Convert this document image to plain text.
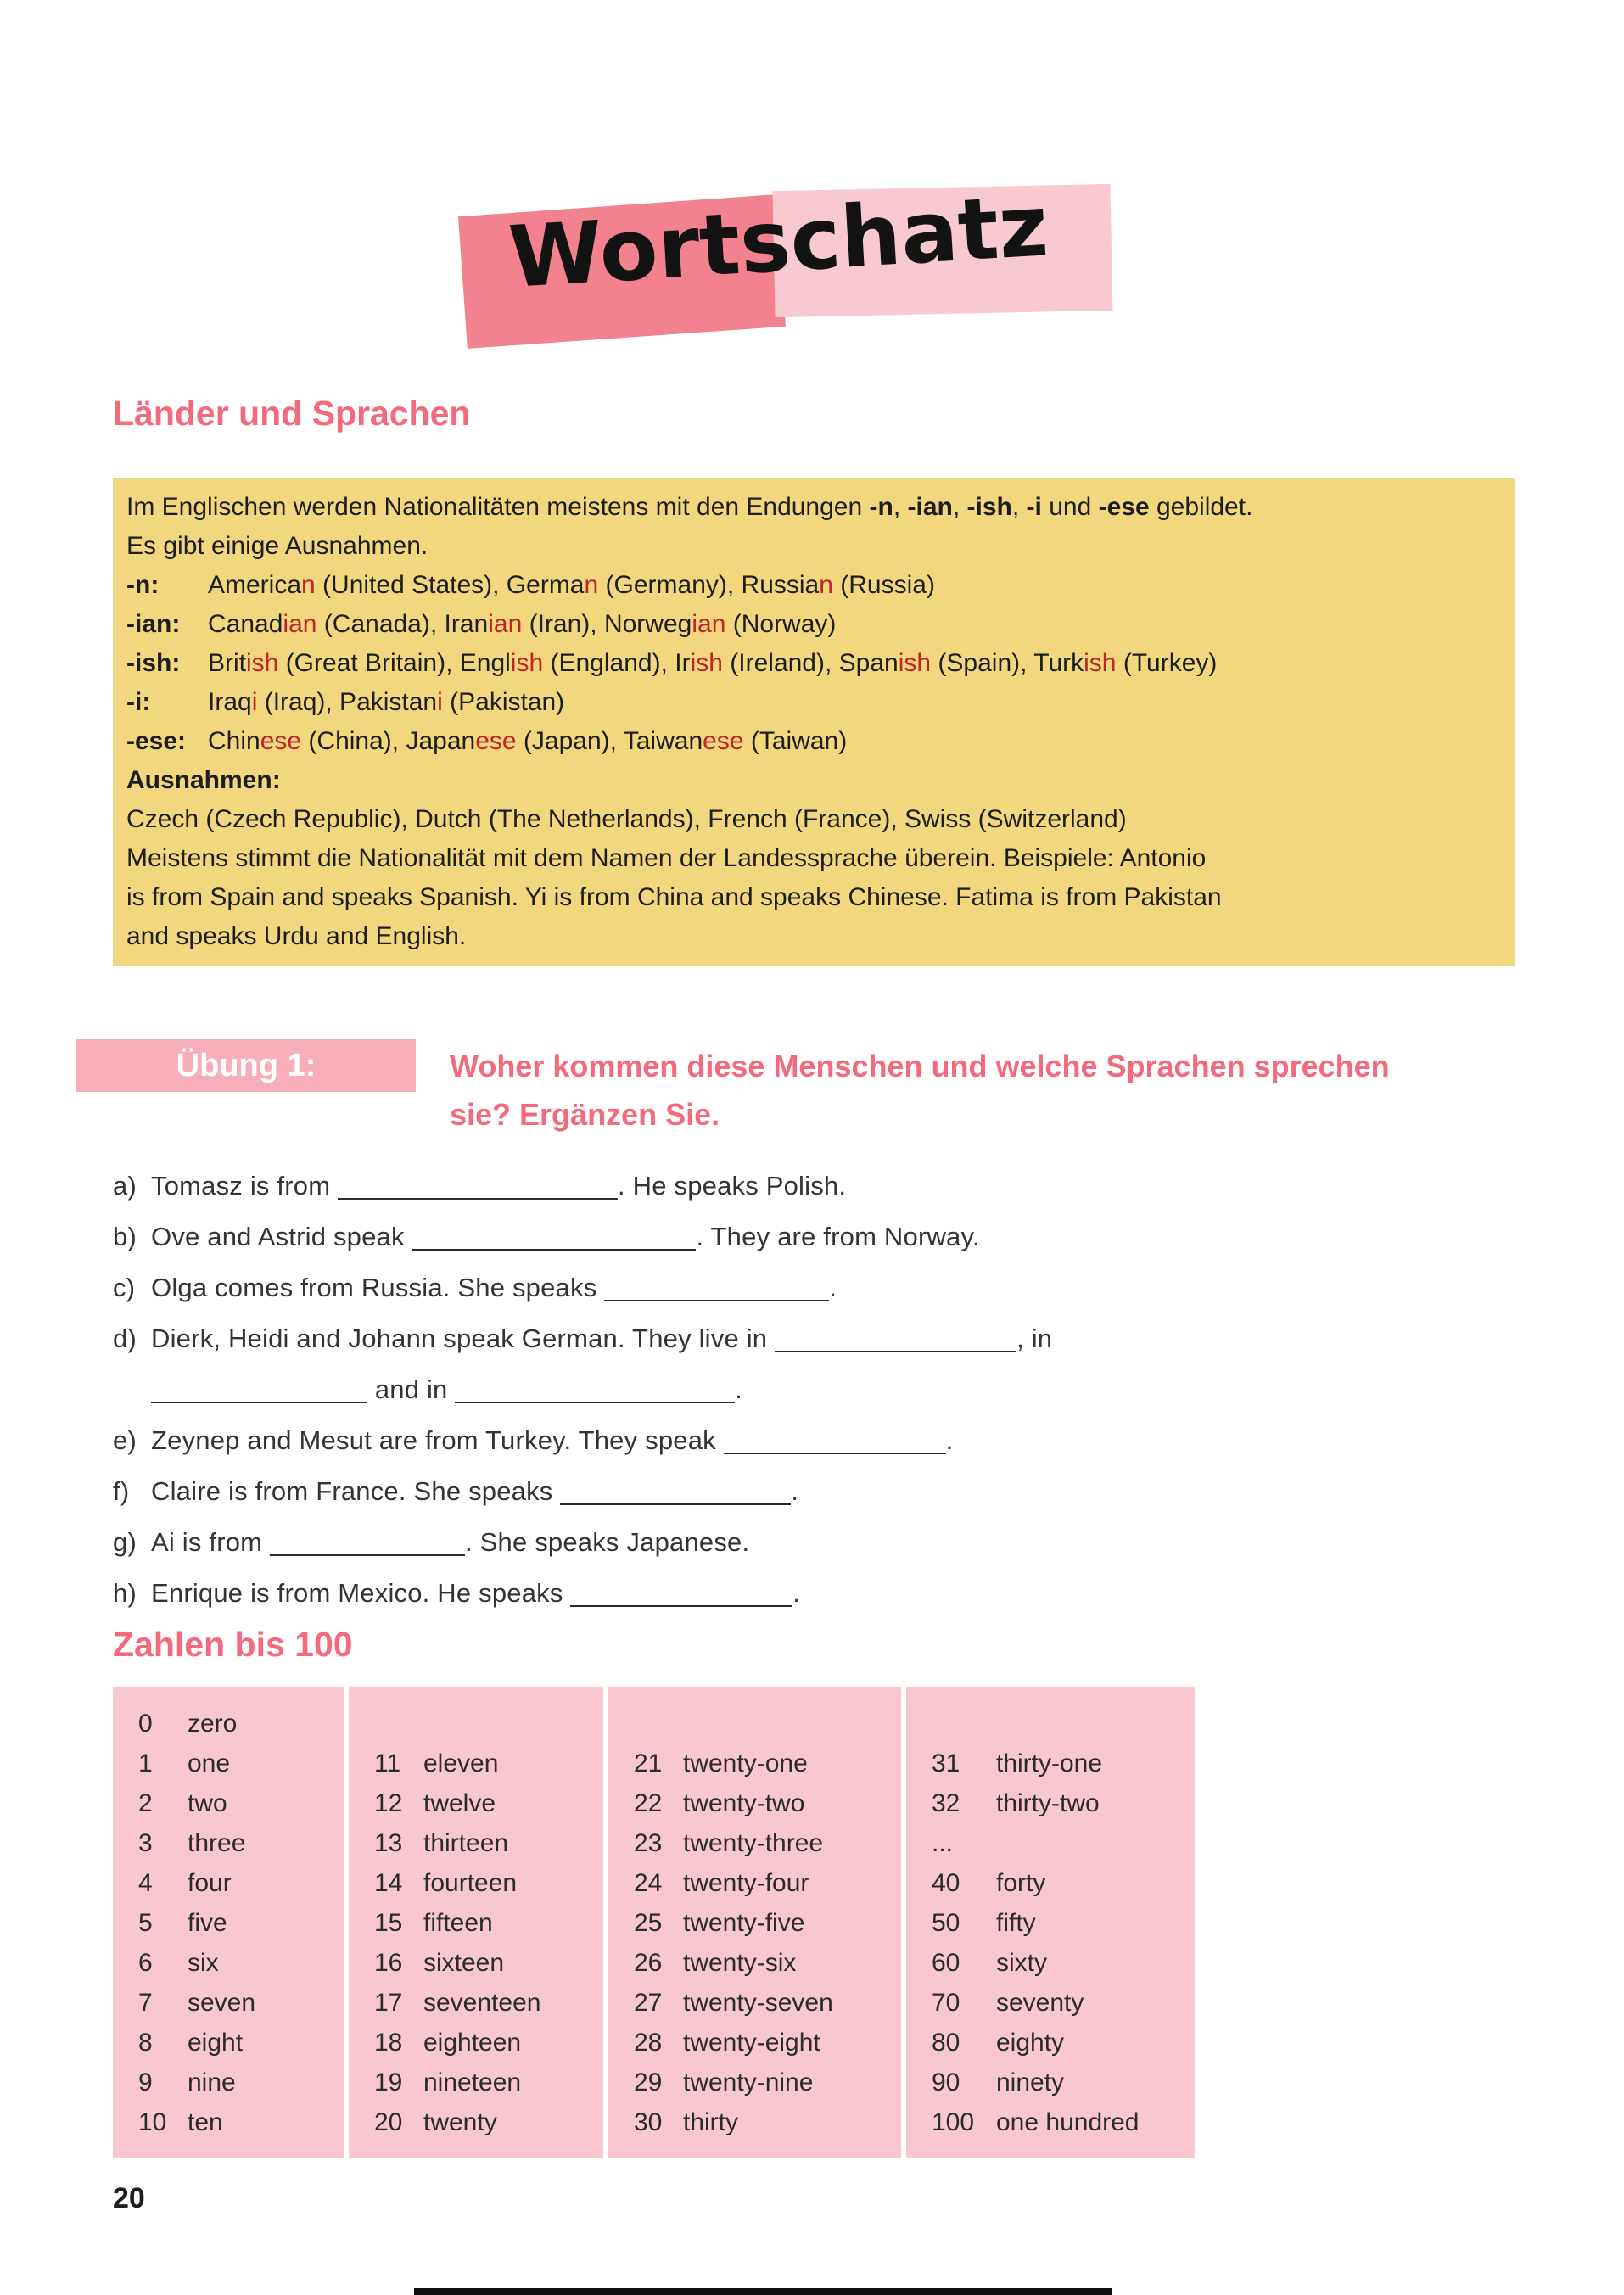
Wortschatz
Länder und Sprachen
Im Englischen werden Nationalitäten meistens mit den Endungen -n, -ian, -ish, -i und -ese gebildet.
Es gibt einige Ausnahmen.
-n:	American (United States), German (Germany), Russian (Russia)
-ian:	Canadian (Canada), Iranian (Iran), Norwegian (Norway)
-ish:	British (Great Britain), English (England), Irish (Ireland), Spanish (Spain), Turkish (Turkey)
-i:	Iraqi (Iraq), Pakistani (Pakistan)
-ese: Chinese (China), Japanese (Japan), Taiwanese (Taiwan)
Ausnahmen:
Czech (Czech Republic), Dutch (The Netherlands), French (France), Swiss (Switzerland)
Meistens stimmt die Nationalität mit dem Namen der Landessprache überein. Beispiele: Antonio
is from Spain and speaks Spanish. Yi is from China and speaks Chinese. Fatima is from Pakistan
and speaks Urdu and English.
Übung 1:	Woher kommen diese Menschen und welche Sprachen sprechen
sie? Ergänzen Sie.
a) Tomasz is from	. He speaks Polish.
b) Ove and Astrid speak	. They are from Norway.
c) Olga comes from Russia. She speaks	.
d) Dierk, Heidi and Johann speak German. They live in	, in
and in	.
e) Zeynep and Mesut are from Turkey. They speak	.
f) Claire is from France. She speaks	.
g) Ai is from	. She speaks Japanese.
h) Enrique is from Mexico. He speaks	.
Zahlen bis 100
0 zero
1 one
2 two
3 three
4 four
5 five
6 six
7 seven
8 eight
9 nine
10 ten

11 eleven
12 twelve
13 thirteen
14 fourteen
15 fifteen
16 sixteen
17 seventeen
18 eighteen
19 nineteen
20 twenty

21 twenty-one
22 twenty-two
23 twenty-three
24 twenty-four
25 twenty-five
26 twenty-six
27 twenty-seven
28 twenty-eight
29 twenty-nine
30 thirty

31 thirty-one
32 thirty-two
...
40 forty
50 fifty
60 sixty
70 seventy
80 eighty
90 ninety
100 one hundred
20
